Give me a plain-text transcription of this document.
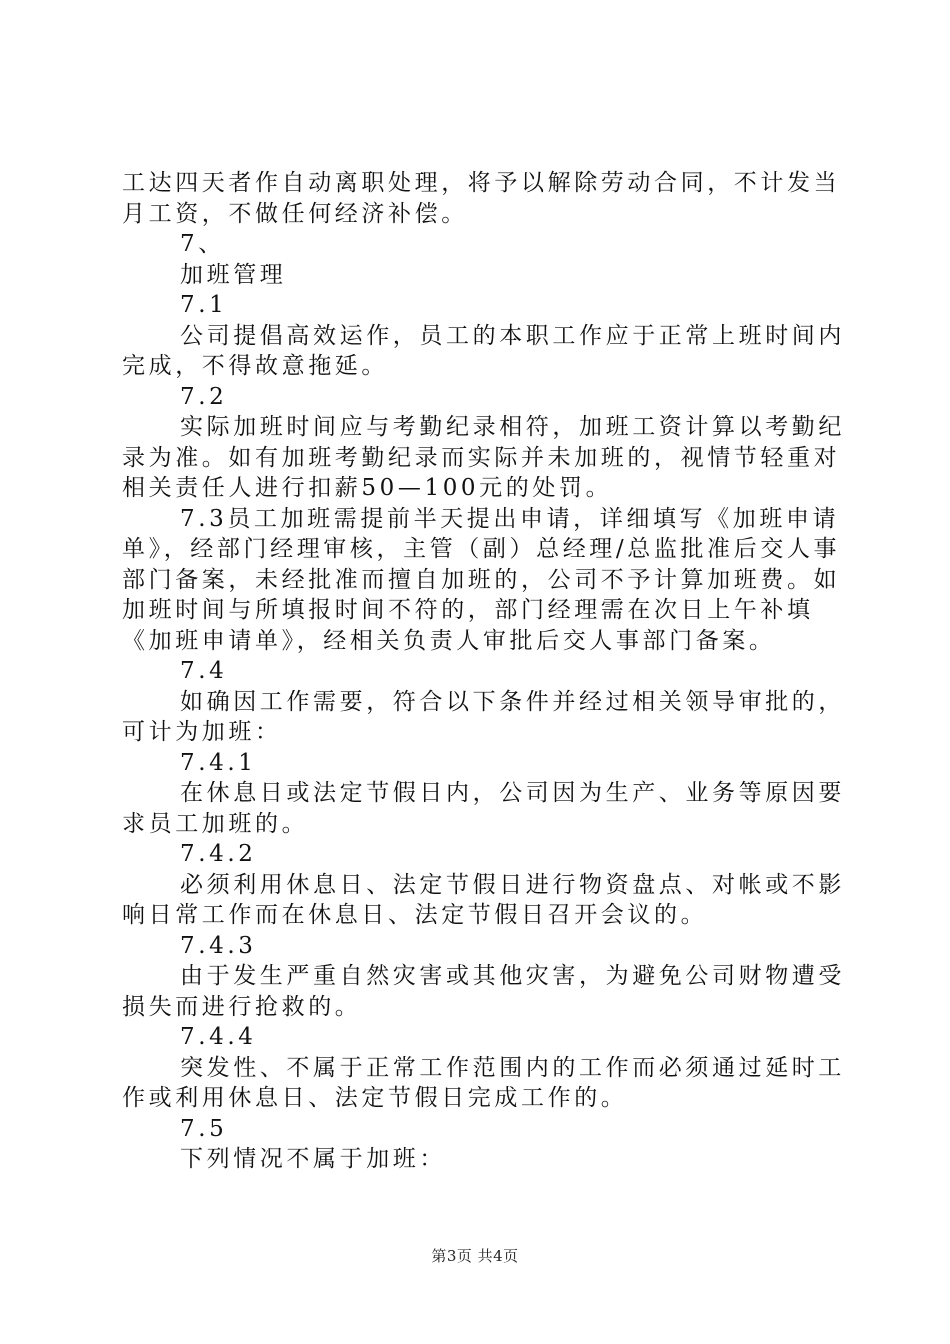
工达四天者作自动离职处理，将予以解除劳动合同，不计发当
月工资，不做任何经济补偿。
7、
加班管理
7.1
公司提倡高效运作，员工的本职工作应于正常上班时间内
完成，不得故意拖延。
7.2
实际加班时间应与考勤纪录相符，加班工资计算以考勤纪
录为准。如有加班考勤纪录而实际并未加班的，视情节轻重对
相关责任人进行扣薪50—100元的处罚。
7.3员工加班需提前半天提出申请，详细填写《加班申请
单》，经部门经理审核，主管（副）总经理/总监批准后交人事
部门备案，未经批准而擅自加班的，公司不予计算加班费。如
加班时间与所填报时间不符的，部门经理需在次日上午补填
《加班申请单》，经相关负责人审批后交人事部门备案。
7.4
如确因工作需要，符合以下条件并经过相关领导审批的，
可计为加班：
7.4.1
在休息日或法定节假日内，公司因为生产、业务等原因要
求员工加班的。
7.4.2
必须利用休息日、法定节假日进行物资盘点、对帐或不影
响日常工作而在休息日、法定节假日召开会议的。
7.4.3
由于发生严重自然灾害或其他灾害，为避免公司财物遭受
损失而进行抢救的。
7.4.4
突发性、不属于正常工作范围内的工作而必须通过延时工
作或利用休息日、法定节假日完成工作的。
7.5
下列情况不属于加班：
第3页 共4页
